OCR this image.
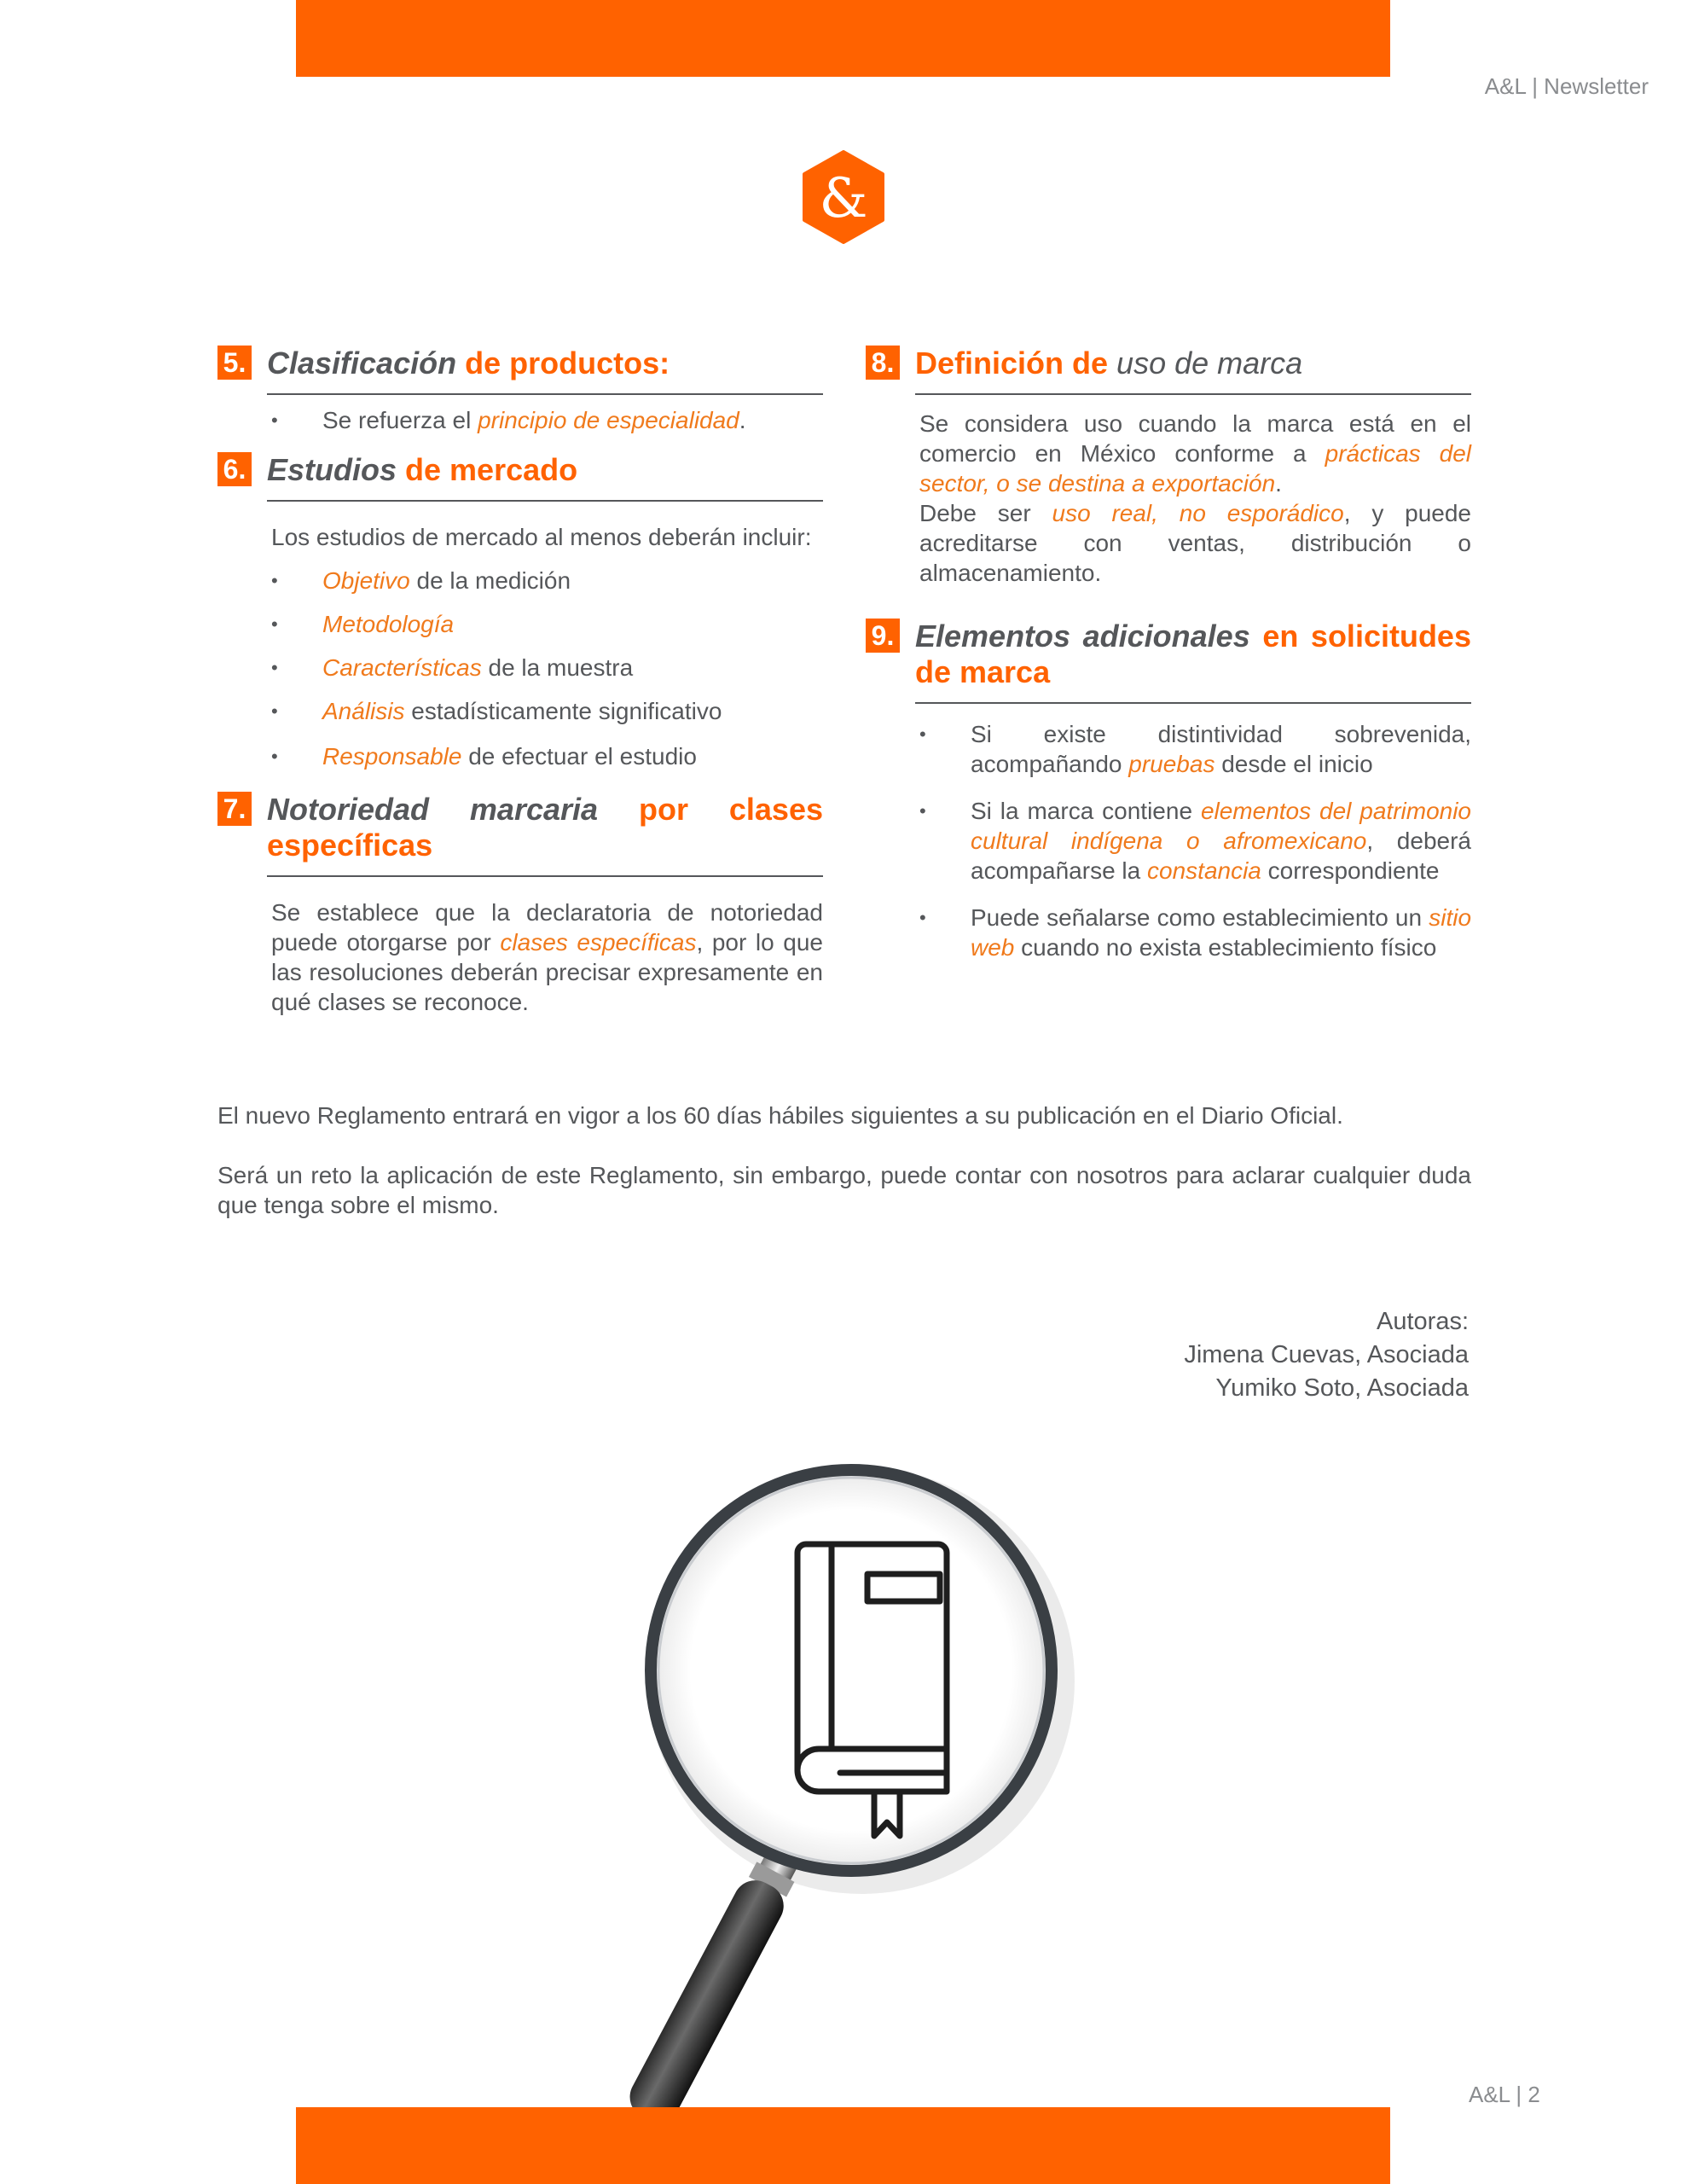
A&L | Newsletter
&
5. Clasificación de productos:
• Se refuerza el principio de especialidad.
6. Estudios de mercado
Los estudios de mercado al menos deberán incluir:
• Objetivo de la medición
• Metodología
• Características de la muestra
• Análisis estadísticamente significativo
• Responsable de efectuar el estudio
7. Notoriedad marcaria por clases específicas
Se establece que la declaratoria de notoriedad puede otorgarse por clases específicas, por lo que las resoluciones deberán precisar expresamente en qué clases se reconoce.
8. Definición de uso de marca
Se considera uso cuando la marca está en el comercio en México conforme a prácticas del sector, o se destina a exportación.
Debe ser uso real, no esporádico, y puede acreditarse con ventas, distribución o almacenamiento.
9. Elementos adicionales en solicitudes de marca
• Si existe distintividad sobrevenida, acompañando pruebas desde el inicio
• Si la marca contiene elementos del patrimonio cultural indígena o afromexicano, deberá acompañarse la constancia correspondiente
• Puede señalarse como establecimiento un sitio web cuando no exista establecimiento físico
El nuevo Reglamento entrará en vigor a los 60 días hábiles siguientes a su publicación en el Diario Oficial.
Será un reto la aplicación de este Reglamento, sin embargo, puede contar con nosotros para aclarar cualquier duda que tenga sobre el mismo.
Autoras:
Jimena Cuevas, Asociada
Yumiko Soto, Asociada
A&L | 2
